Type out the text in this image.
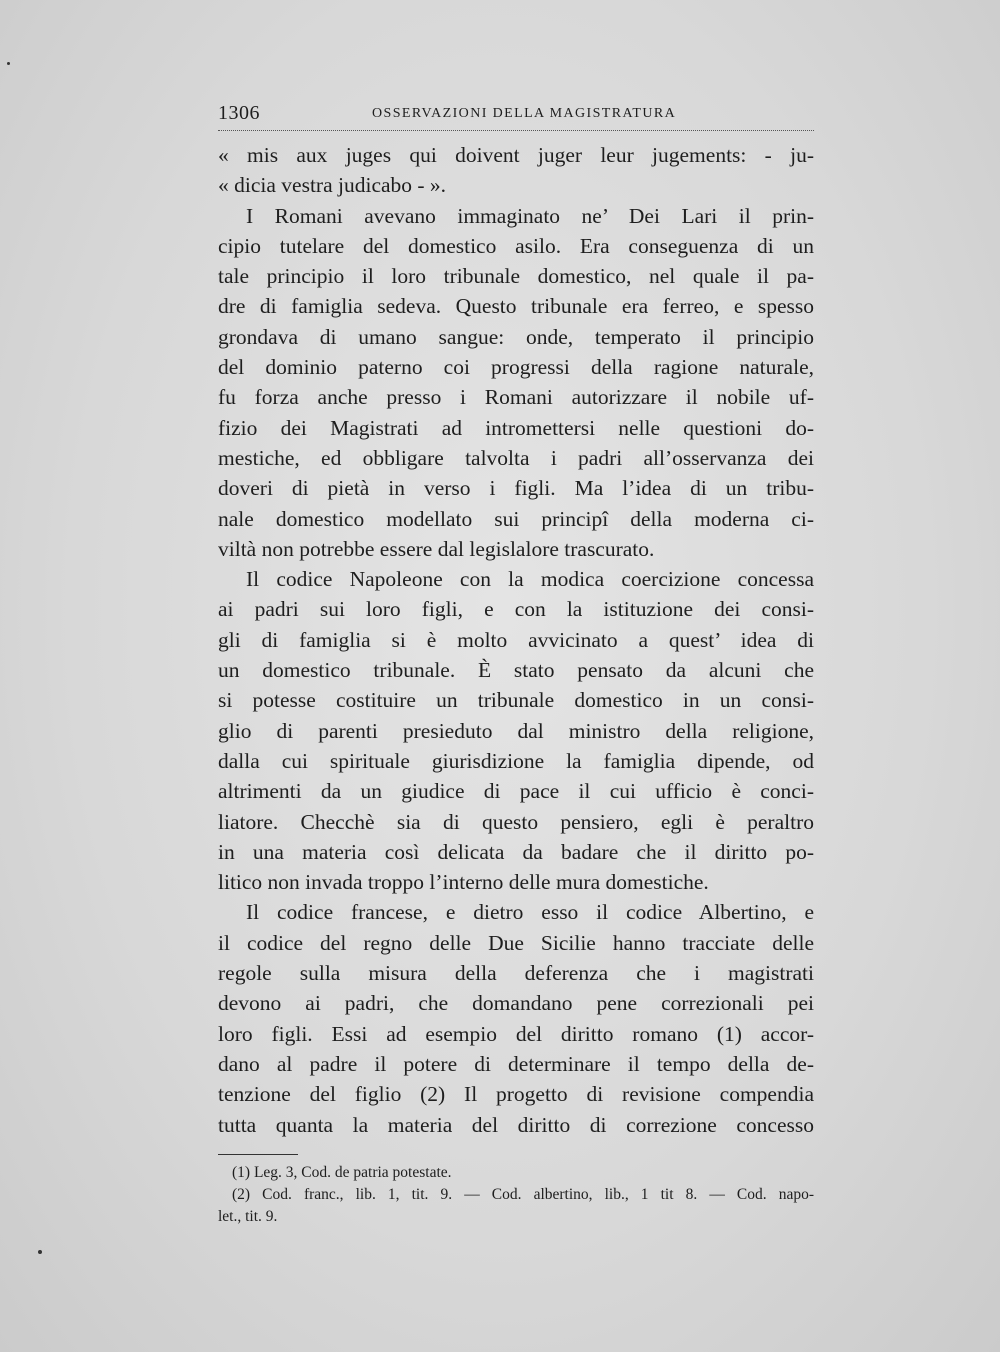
1306	OSSERVAZIONI DELLA MAGISTRATURA
« mis aux juges qui doivent juger leur jugements: - ju-
« dicia vestra judicabo - ».
I Romani avevano immaginato ne’ Dei Lari il prin-
cipio tutelare del domestico asilo. Era conseguenza di un
tale principio il loro tribunale domestico, nel quale il pa-
dre di famiglia sedeva. Questo tribunale era ferreo, e spesso
grondava di umano sangue: onde, temperato il principio
del dominio paterno coi progressi della ragione naturale,
fu forza anche presso i Romani autorizzare il nobile uf-
fizio dei Magistrati ad intromettersi nelle questioni do-
mestiche, ed obbligare talvolta i padri all’osservanza dei
doveri di pietà in verso i figli. Ma l’idea di un tribu-
nale domestico modellato sui principî della moderna ci-
viltà non potrebbe essere dal legislalore trascurato.
Il codice Napoleone con la modica coercizione concessa
ai padri sui loro figli, e con la istituzione dei consi-
gli di famiglia si è molto avvicinato a quest’ idea di
un domestico tribunale. È stato pensato da alcuni che
si potesse costituire un tribunale domestico in un consi-
glio di parenti presieduto dal ministro della religione,
dalla cui spirituale giurisdizione la famiglia dipende, od
altrimenti da un giudice di pace il cui ufficio è conci-
liatore. Checchè sia di questo pensiero, egli è peraltro
in una materia così delicata da badare che il diritto po-
litico non invada troppo l’interno delle mura domestiche.
Il codice francese, e dietro esso il codice Albertino, e
il codice del regno delle Due Sicilie hanno tracciate delle
regole sulla misura della deferenza che i magistrati
devono ai padri, che domandano pene correzionali pei
loro figli. Essi ad esempio del diritto romano (1) accor-
dano al padre il potere di determinare il tempo della de-
tenzione del figlio (2) Il progetto di revisione compendia
tutta quanta la materia del diritto di correzione concesso
(1) Leg. 3, Cod. de patria potestate.
(2) Cod. franc., lib. 1, tit. 9. — Cod. albertino, lib., 1 tit 8. — Cod. napo-
let., tit. 9.
